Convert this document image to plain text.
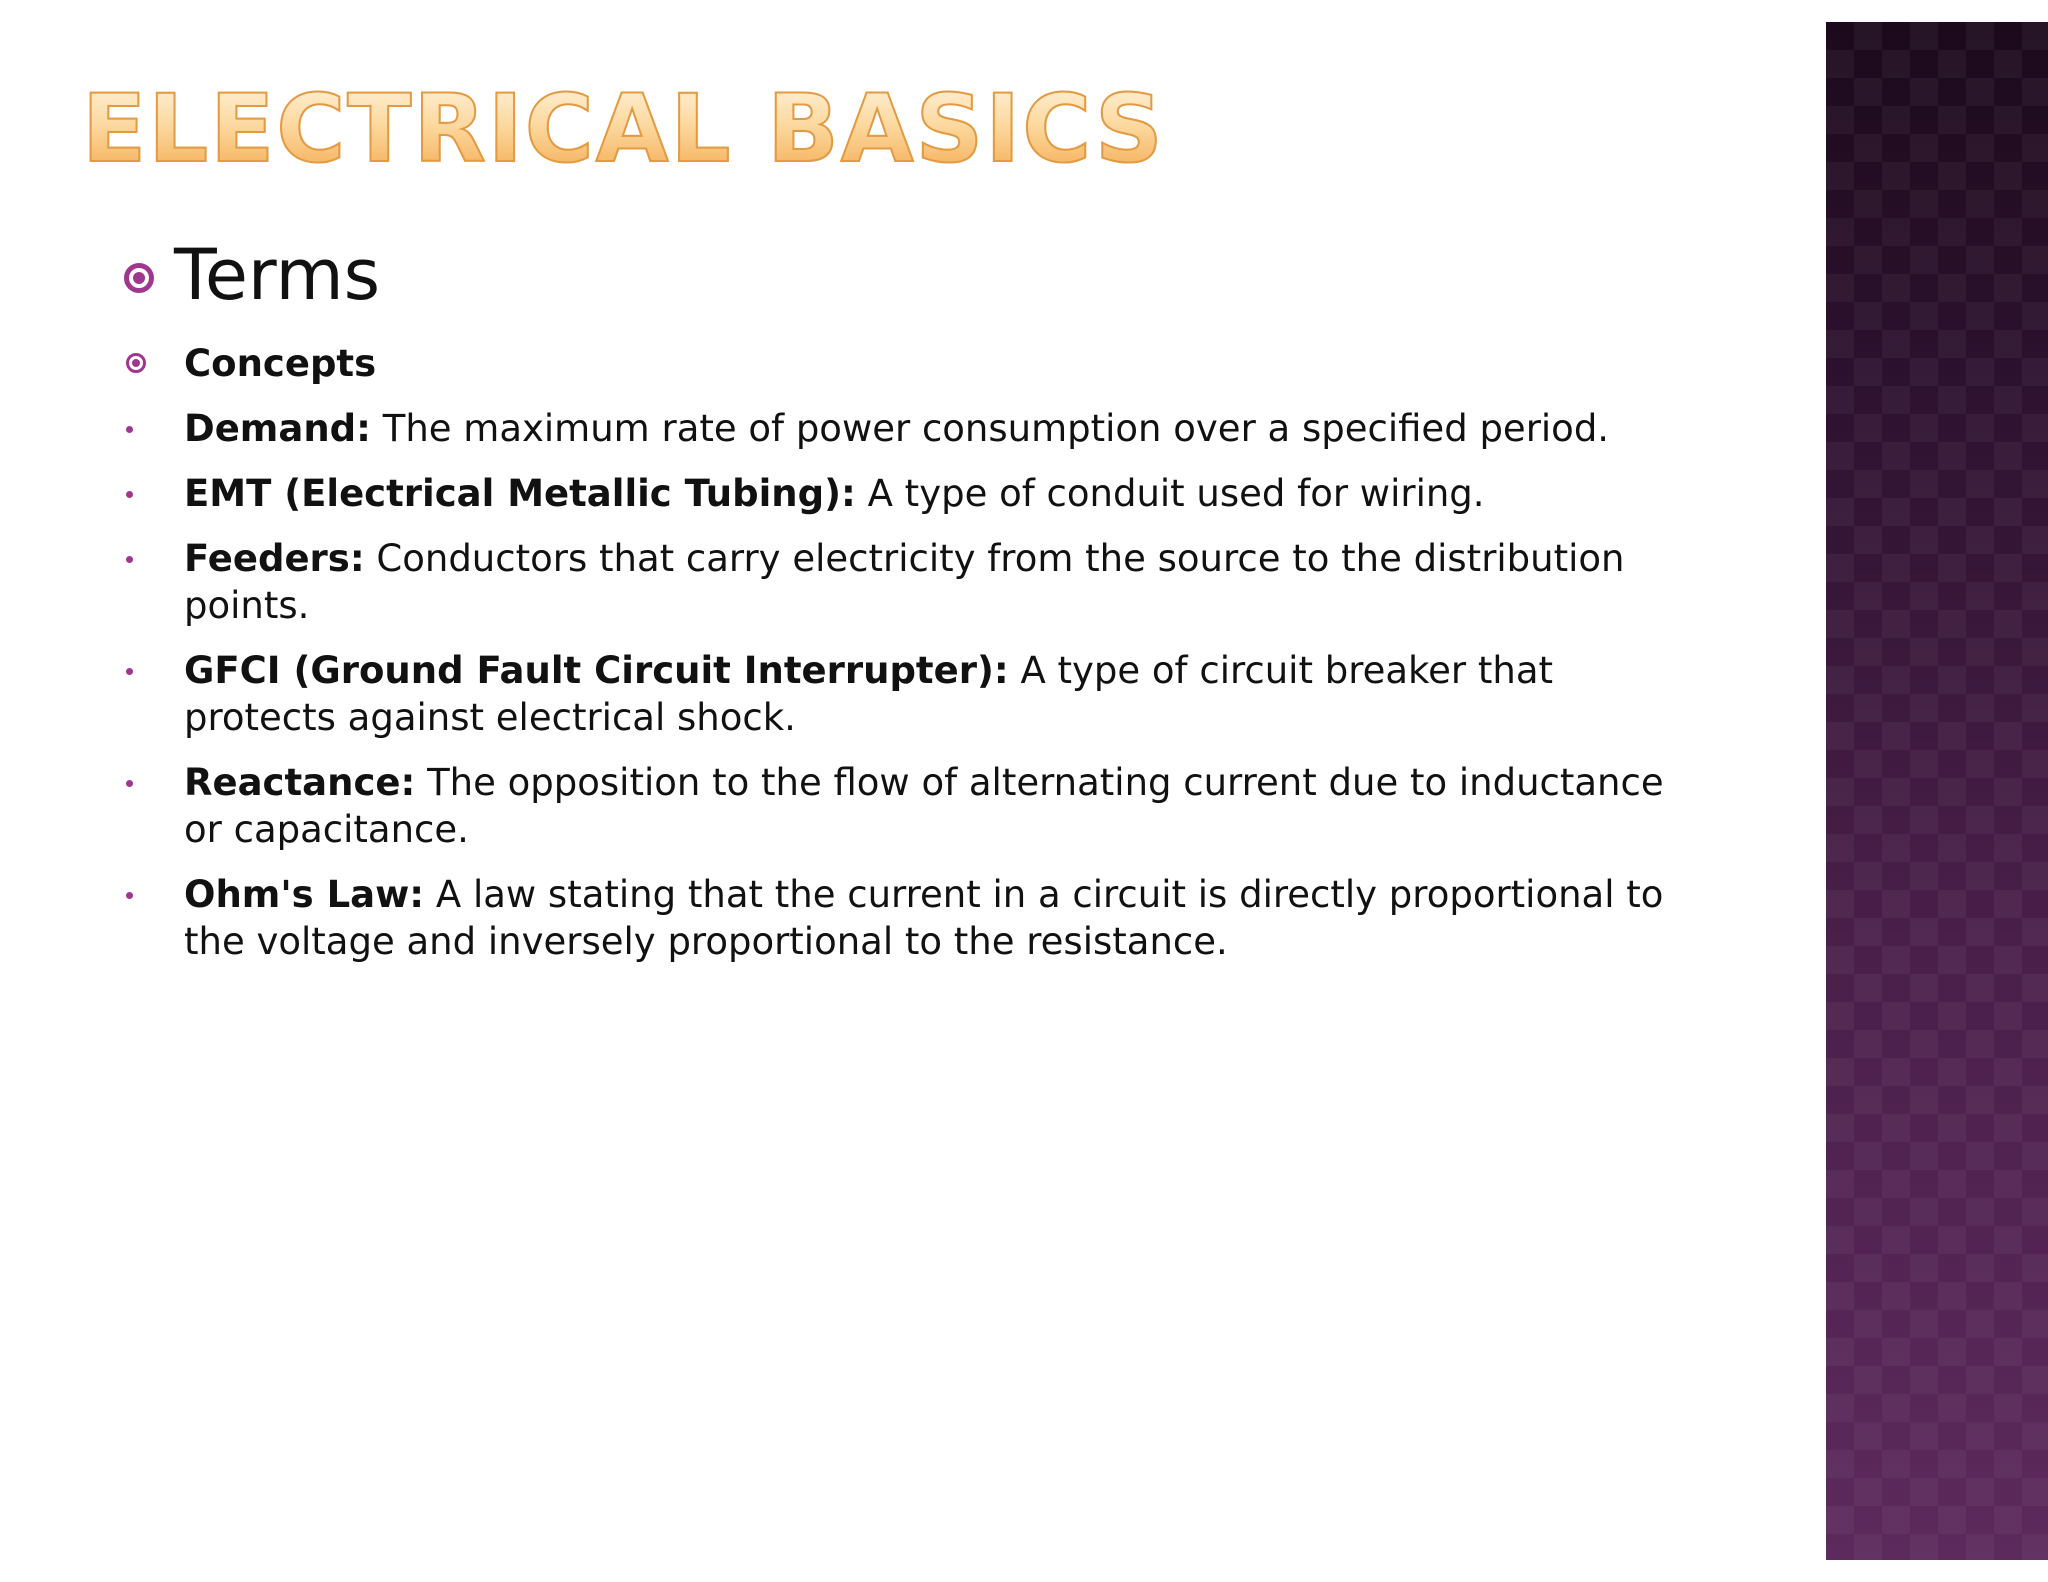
ELECTRICAL BASICS
Terms
Concepts
Demand: The maximum rate of power consumption over a specified period.
EMT (Electrical Metallic Tubing): A type of conduit used for wiring.
Feeders: Conductors that carry electricity from the source to the distribution points.
GFCI (Ground Fault Circuit Interrupter): A type of circuit breaker that protects against electrical shock.
Reactance: The opposition to the flow of alternating current due to inductance or capacitance.
Ohm's Law: A law stating that the current in a circuit is directly proportional to the voltage and inversely proportional to the resistance.
